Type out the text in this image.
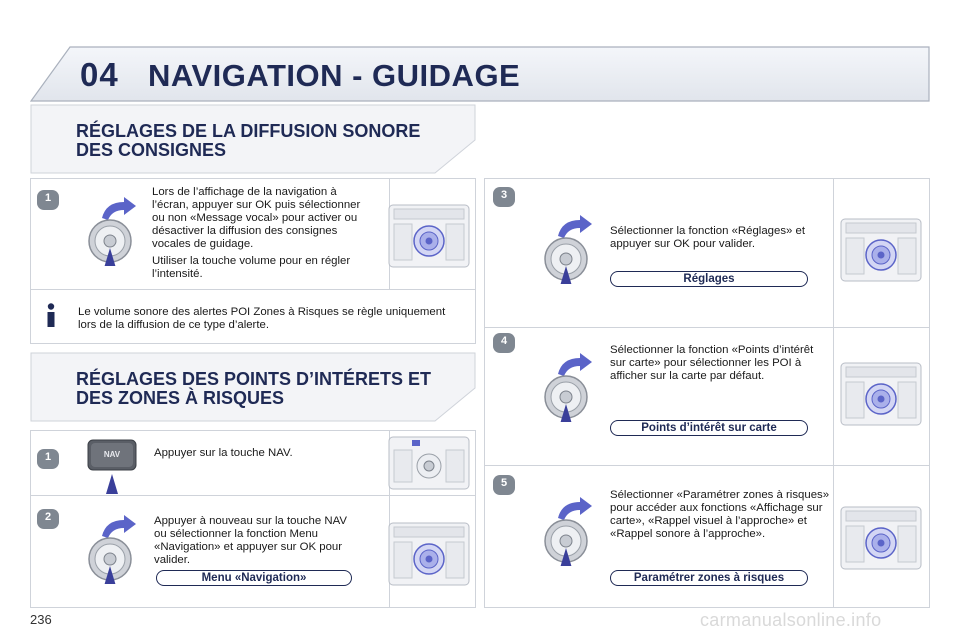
04 NAVIGATION - GUIDAGE
RÉGLAGES DE LA DIFFUSION SONORE
DES CONSIGNES
1	Lors de l’affichage de la navigation à l’écran, appuyer sur OK puis sélectionner ou non «Message vocal» pour activer ou désactiver la diffusion des consignes vocales de guidage.

Utiliser la touche volume pour en régler l’intensité.

Le volume sonore des alertes POI Zones à Risques se règle uniquement lors de la diffusion de ce type d’alerte.
RÉGLAGES DES POINTS D’INTÉRETS ET
DES ZONES À RISQUES
1	NAV	Appuyer sur la touche NAV.
2	Appuyer à nouveau sur la touche NAV ou sélectionner la fonction Menu «Navigation» et appuyer sur OK pour valider.
Menu «Navigation»
3
Sélectionner la fonction «Réglages» et appuyer sur OK pour valider.
Réglages
4
Sélectionner la fonction «Points d’intérêt sur carte» pour sélectionner les POI à afficher sur la carte par défaut.
Points d’intérêt sur carte
5
Sélectionner «Paramétrer zones à risques» pour accéder aux fonctions «Affichage sur carte», «Rappel visuel à l’approche» et «Rappel sonore à l’approche».
Paramétrer zones à risques
236	carmanualsonline.info
